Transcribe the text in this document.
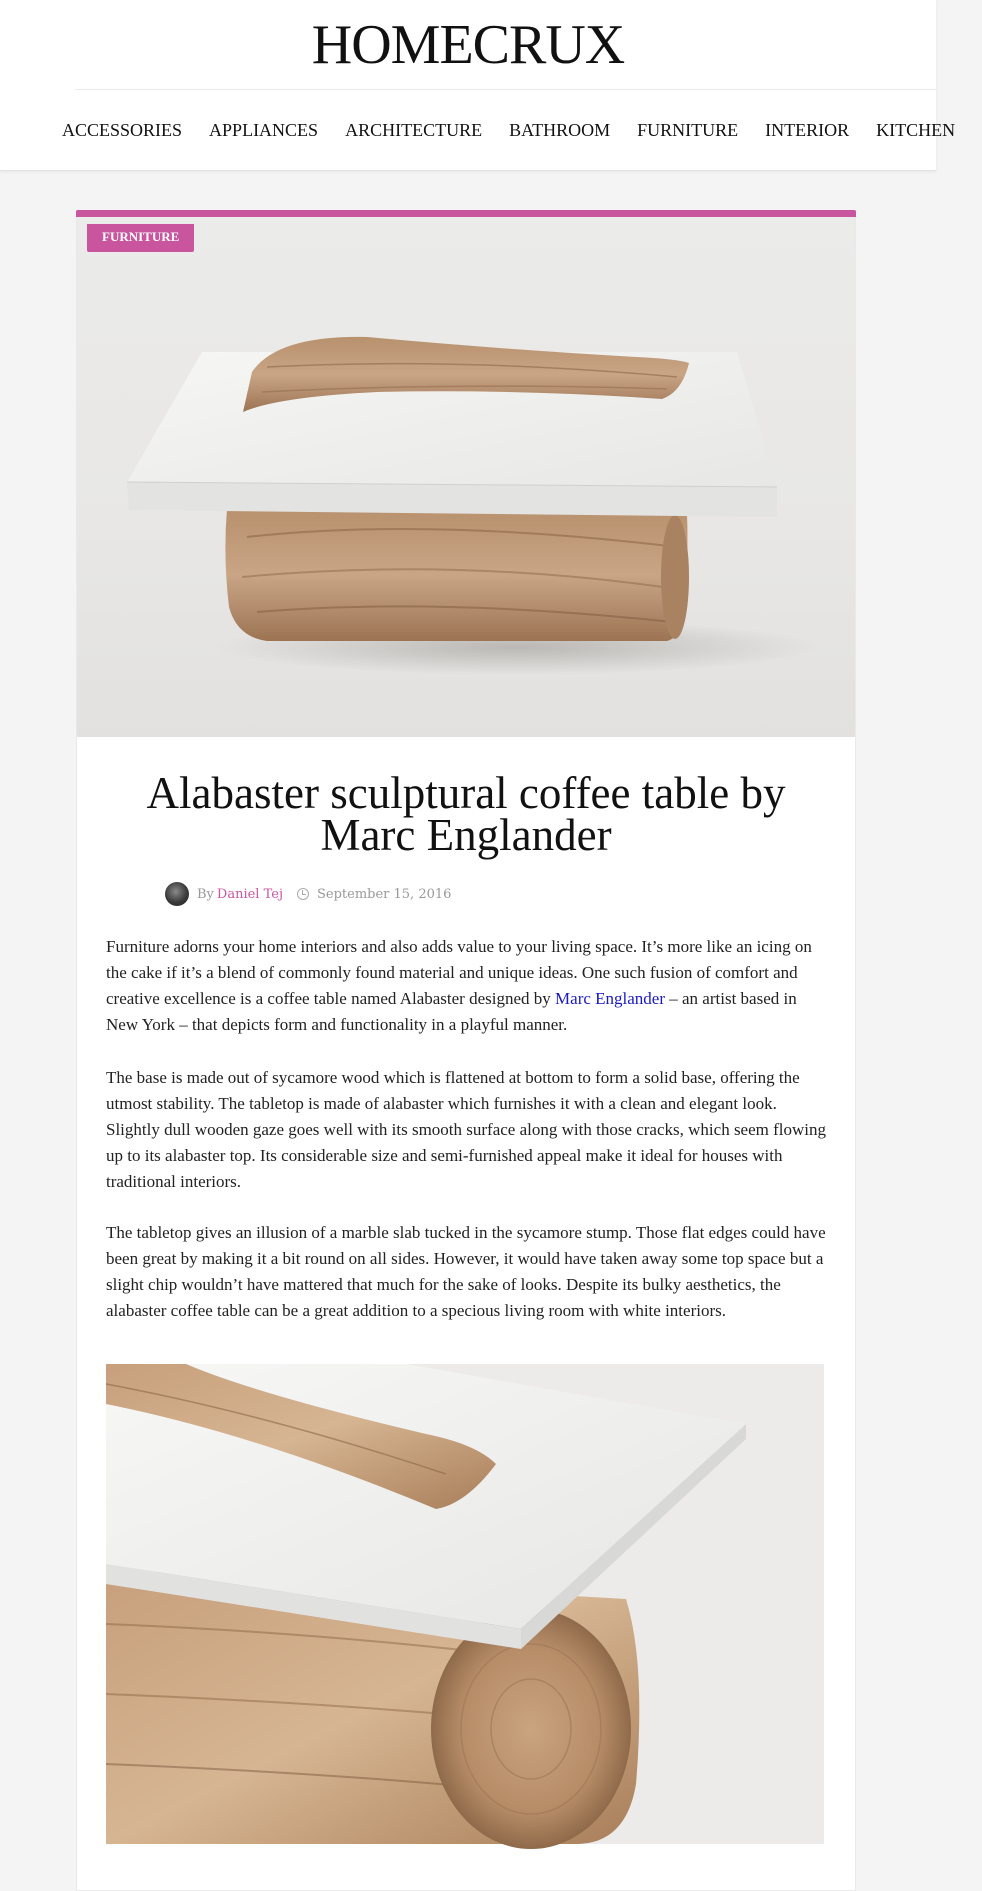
HOMECRUX
ACCESSORIES APPLIANCES ARCHITECTURE BATHROOM FURNITURE INTERIOR KITCHEN
FURNITURE
Alabaster sculptural coffee table by Marc Englander
By Daniel Tej	September 15, 2016

Furniture adorns your home interiors and also adds value to your living space. It’s more like an icing on the cake if it’s a blend of commonly found material and unique ideas. One such fusion of comfort and creative excellence is a coffee table named Alabaster designed by Marc Englander – an artist based in New York – that depicts form and functionality in a playful manner.

The base is made out of sycamore wood which is flattened at bottom to form a solid base, offering the utmost stability. The tabletop is made of alabaster which furnishes it with a clean and elegant look. Slightly dull wooden gaze goes well with its smooth surface along with those cracks, which seem flowing up to its alabaster top. Its considerable size and semi-furnished appeal make it ideal for houses with traditional interiors.

The tabletop gives an illusion of a marble slab tucked in the sycamore stump. Those flat edges could have been great by making it a bit round on all sides. However, it would have taken away some top space but a slight chip wouldn’t have mattered that much for the sake of looks. Despite its bulky aesthetics, the alabaster coffee table can be a great addition to a specious living room with white interiors.
